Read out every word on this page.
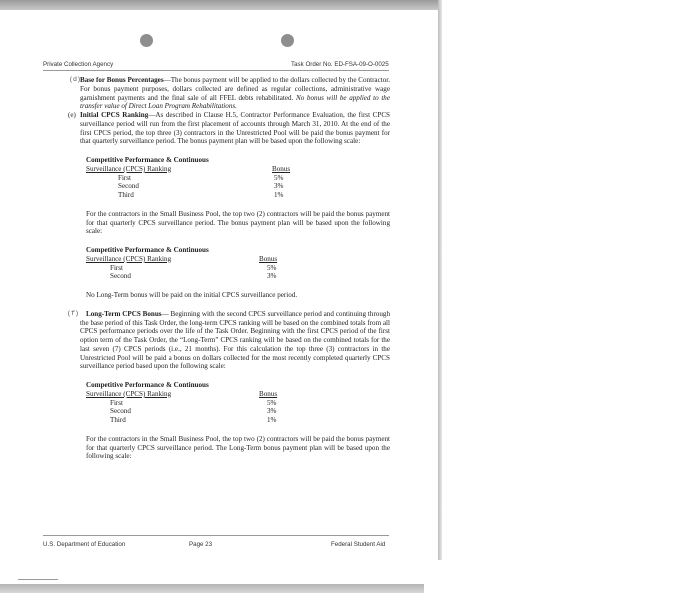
Private Collection Agency	Task Order No. ED-FSA-09-O-0025

(d) Base for Bonus Percentages—The bonus payment will be applied to the dollars collected by the Contractor. For bonus payment purposes, dollars collected are defined as regular collections, administrative wage garnishment payments and the final sale of all FFEL debts rehabilitated. No bonus will be applied to the transfer value of Direct Loan Program Rehabilitations.

(e) Initial CPCS Ranking—As described in Clause H.5, Contractor Performance Evaluation, the first CPCS surveillance period will run from the first placement of accounts through March 31, 2010. At the end of the first CPCS period, the top three (3) contractors in the Unrestricted Pool will be paid the bonus payment for that quarterly surveillance period. The bonus payment plan will be based upon the following scale:

Competitive Performance & Continuous
Surveillance (CPCS) Ranking	Bonus
First	5%
Second	3%
Third	1%

For the contractors in the Small Business Pool, the top two (2) contractors will be paid the bonus payment for that quarterly CPCS surveillance period. The bonus payment plan will be based upon the following scale:

Competitive Performance & Continuous
Surveillance (CPCS) Ranking	Bonus
First	5%
Second	3%

No Long-Term bonus will be paid on the initial CPCS surveillance period.

(f) Long-Term CPCS Bonus— Beginning with the second CPCS surveillance period and continuing through the base period of this Task Order, the long-term CPCS ranking will be based on the combined totals from all CPCS performance periods over the life of the Task Order. Beginning with the first CPCS period of the first option term of the Task Order, the “Long-Term” CPCS ranking will be based on the combined totals for the last seven (7) CPCS periods (i.e., 21 months). For this calculation the top three (3) contractors in the Unrestricted Pool will be paid a bonus on dollars collected for the most recently completed quarterly CPCS surveillance period based upon the following scale:

Competitive Performance & Continuous
Surveillance (CPCS) Ranking	Bonus
First	5%
Second	3%
Third	1%

For the contractors in the Small Business Pool, the top two (2) contractors will be paid the bonus payment for that quarterly CPCS surveillance period. The Long-Term bonus payment plan will be based upon the following scale:

U.S. Department of Education	Page 23	Federal Student Aid
